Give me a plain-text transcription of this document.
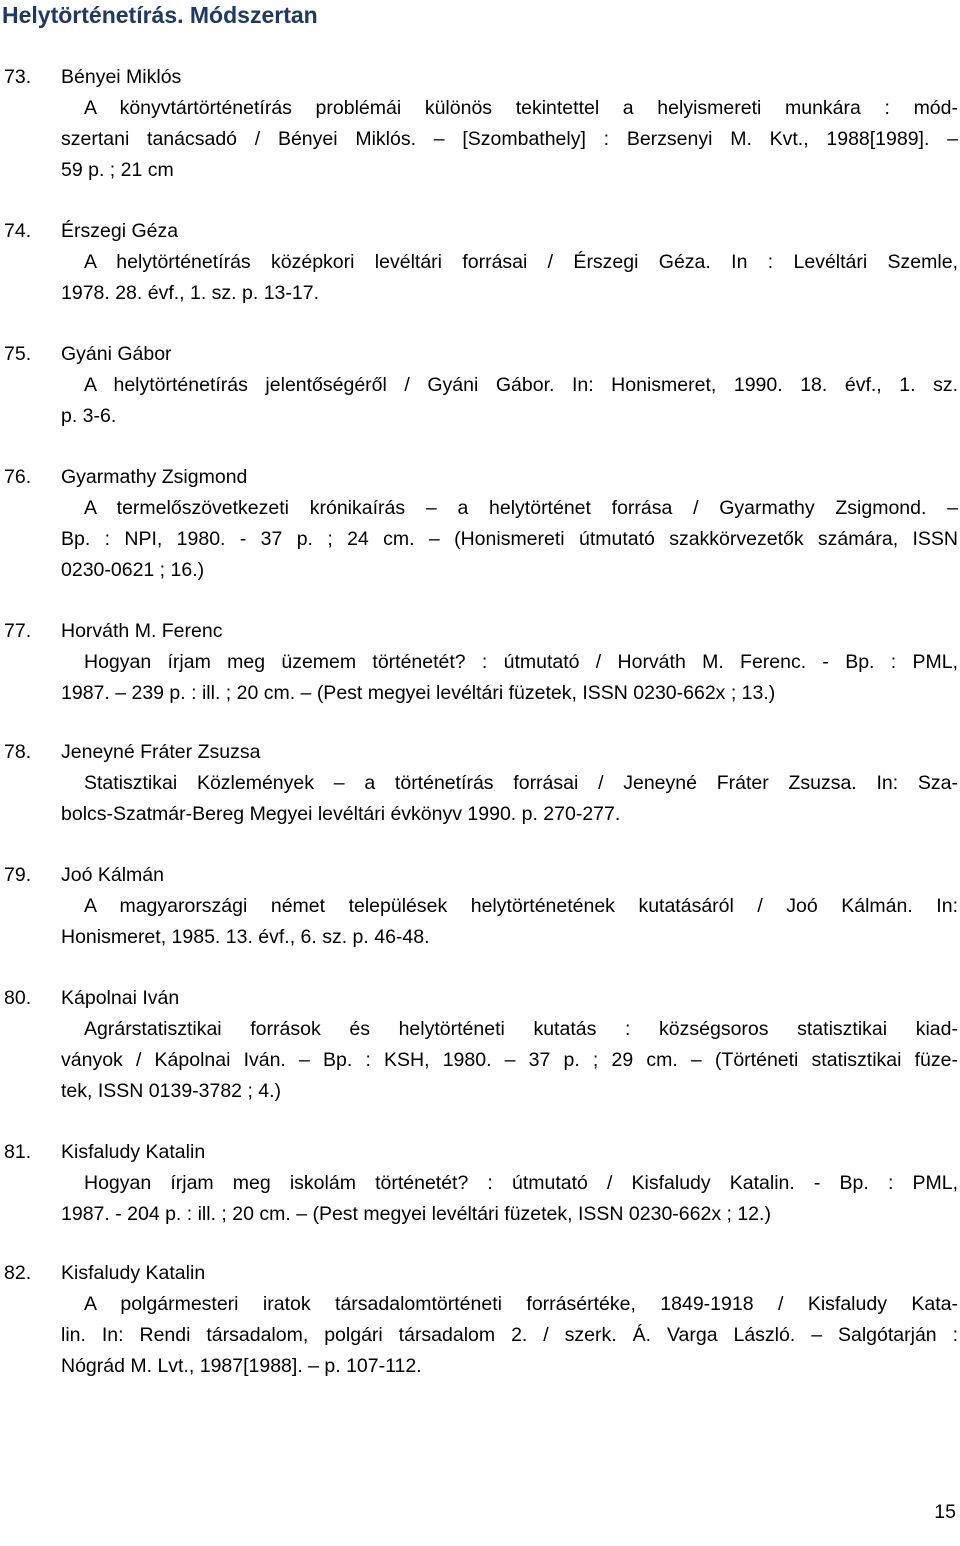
Helytörténetírás. Módszertan
73. Bényei Miklós
A könyvtártörténetírás problémái különös tekintettel a helyismereti munkára : mód-
szertani tanácsadó / Bényei Miklós. – [Szombathely] : Berzsenyi M. Kvt., 1988[1989]. –
59 p. ; 21 cm
74. Érszegi Géza
A helytörténetírás középkori levéltári forrásai / Érszegi Géza. In : Levéltári Szemle,
1978. 28. évf., 1. sz. p. 13-17.
75. Gyáni Gábor
A helytörténetírás jelentőségéről / Gyáni Gábor. In: Honismeret, 1990. 18. évf., 1. sz.
p. 3-6.
76. Gyarmathy Zsigmond
A termelőszövetkezeti krónikaírás – a helytörténet forrása / Gyarmathy Zsigmond. –
Bp. : NPI, 1980. - 37 p. ; 24 cm. – (Honismereti útmutató szakkörvezetők számára, ISSN
0230-0621 ; 16.)
77. Horváth M. Ferenc
Hogyan írjam meg üzemem történetét? : útmutató / Horváth M. Ferenc. - Bp. : PML,
1987. – 239 p. : ill. ; 20 cm. – (Pest megyei levéltári füzetek, ISSN 0230-662x ; 13.)
78. Jeneyné Fráter Zsuzsa
Statisztikai Közlemények – a történetírás forrásai / Jeneyné Fráter Zsuzsa. In: Sza-
bolcs-Szatmár-Bereg Megyei levéltári évkönyv 1990. p. 270-277.
79. Joó Kálmán
A magyarországi német települések helytörténetének kutatásáról / Joó Kálmán. In:
Honismeret, 1985. 13. évf., 6. sz. p. 46-48.
80. Kápolnai Iván
Agrárstatisztikai források és helytörténeti kutatás : községsoros statisztikai kiad-
ványok / Kápolnai Iván. – Bp. : KSH, 1980. – 37 p. ; 29 cm. – (Történeti statisztikai füze-
tek, ISSN 0139-3782 ; 4.)
81. Kisfaludy Katalin
Hogyan írjam meg iskolám történetét? : útmutató / Kisfaludy Katalin. - Bp. : PML,
1987. - 204 p. : ill. ; 20 cm. – (Pest megyei levéltári füzetek, ISSN 0230-662x ; 12.)
82. Kisfaludy Katalin
A polgármesteri iratok társadalomtörténeti forrásértéke, 1849-1918 / Kisfaludy Kata-
lin. In: Rendi társadalom, polgári társadalom 2. / szerk. Á. Varga László. – Salgótarján :
Nógrád M. Lvt., 1987[1988]. – p. 107-112.
15
